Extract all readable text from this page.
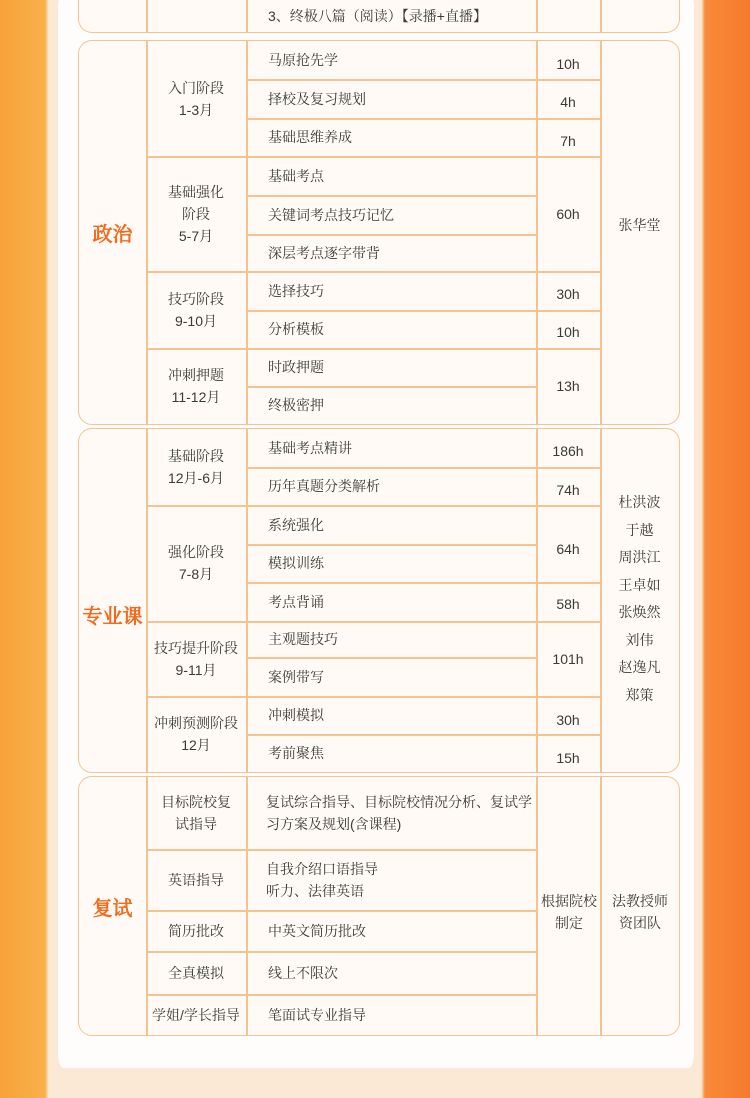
3、终极八篇（阅读）【录播+直播】
政治
入门阶段
1-3月
基础强化
阶段
5-7月
技巧阶段
9-10月
冲刺押题
11-12月
马原抢先学
择校及复习规划
基础思维养成
基础考点
关键词考点技巧记忆
深层考点逐字带背
选择技巧
分析模板
时政押题
终极密押
10h
4h
7h
60h
30h
10h
13h
张华堂
专业课
基础阶段
12月-6月
强化阶段
7-8月
技巧提升阶段
9-11月
冲刺预测阶段
12月
基础考点精讲
历年真题分类解析
系统强化
模拟训练
考点背诵
主观题技巧
案例带写
冲刺模拟
考前聚焦
186h
74h
64h
58h
101h
30h
15h
杜洪波
于越
周洪江
王卓如
张焕然
刘伟
赵逸凡
郑策
复试
目标院校复试指导
英语指导
简历批改
全真模拟
学姐/学长指导
复试综合指导、目标院校情况分析、复试学习方案及规划(含课程)
自我介绍口语指导
听力、法律英语
中英文简历批改
线上不限次
笔面试专业指导
根据院校制定
法教授师资团队
